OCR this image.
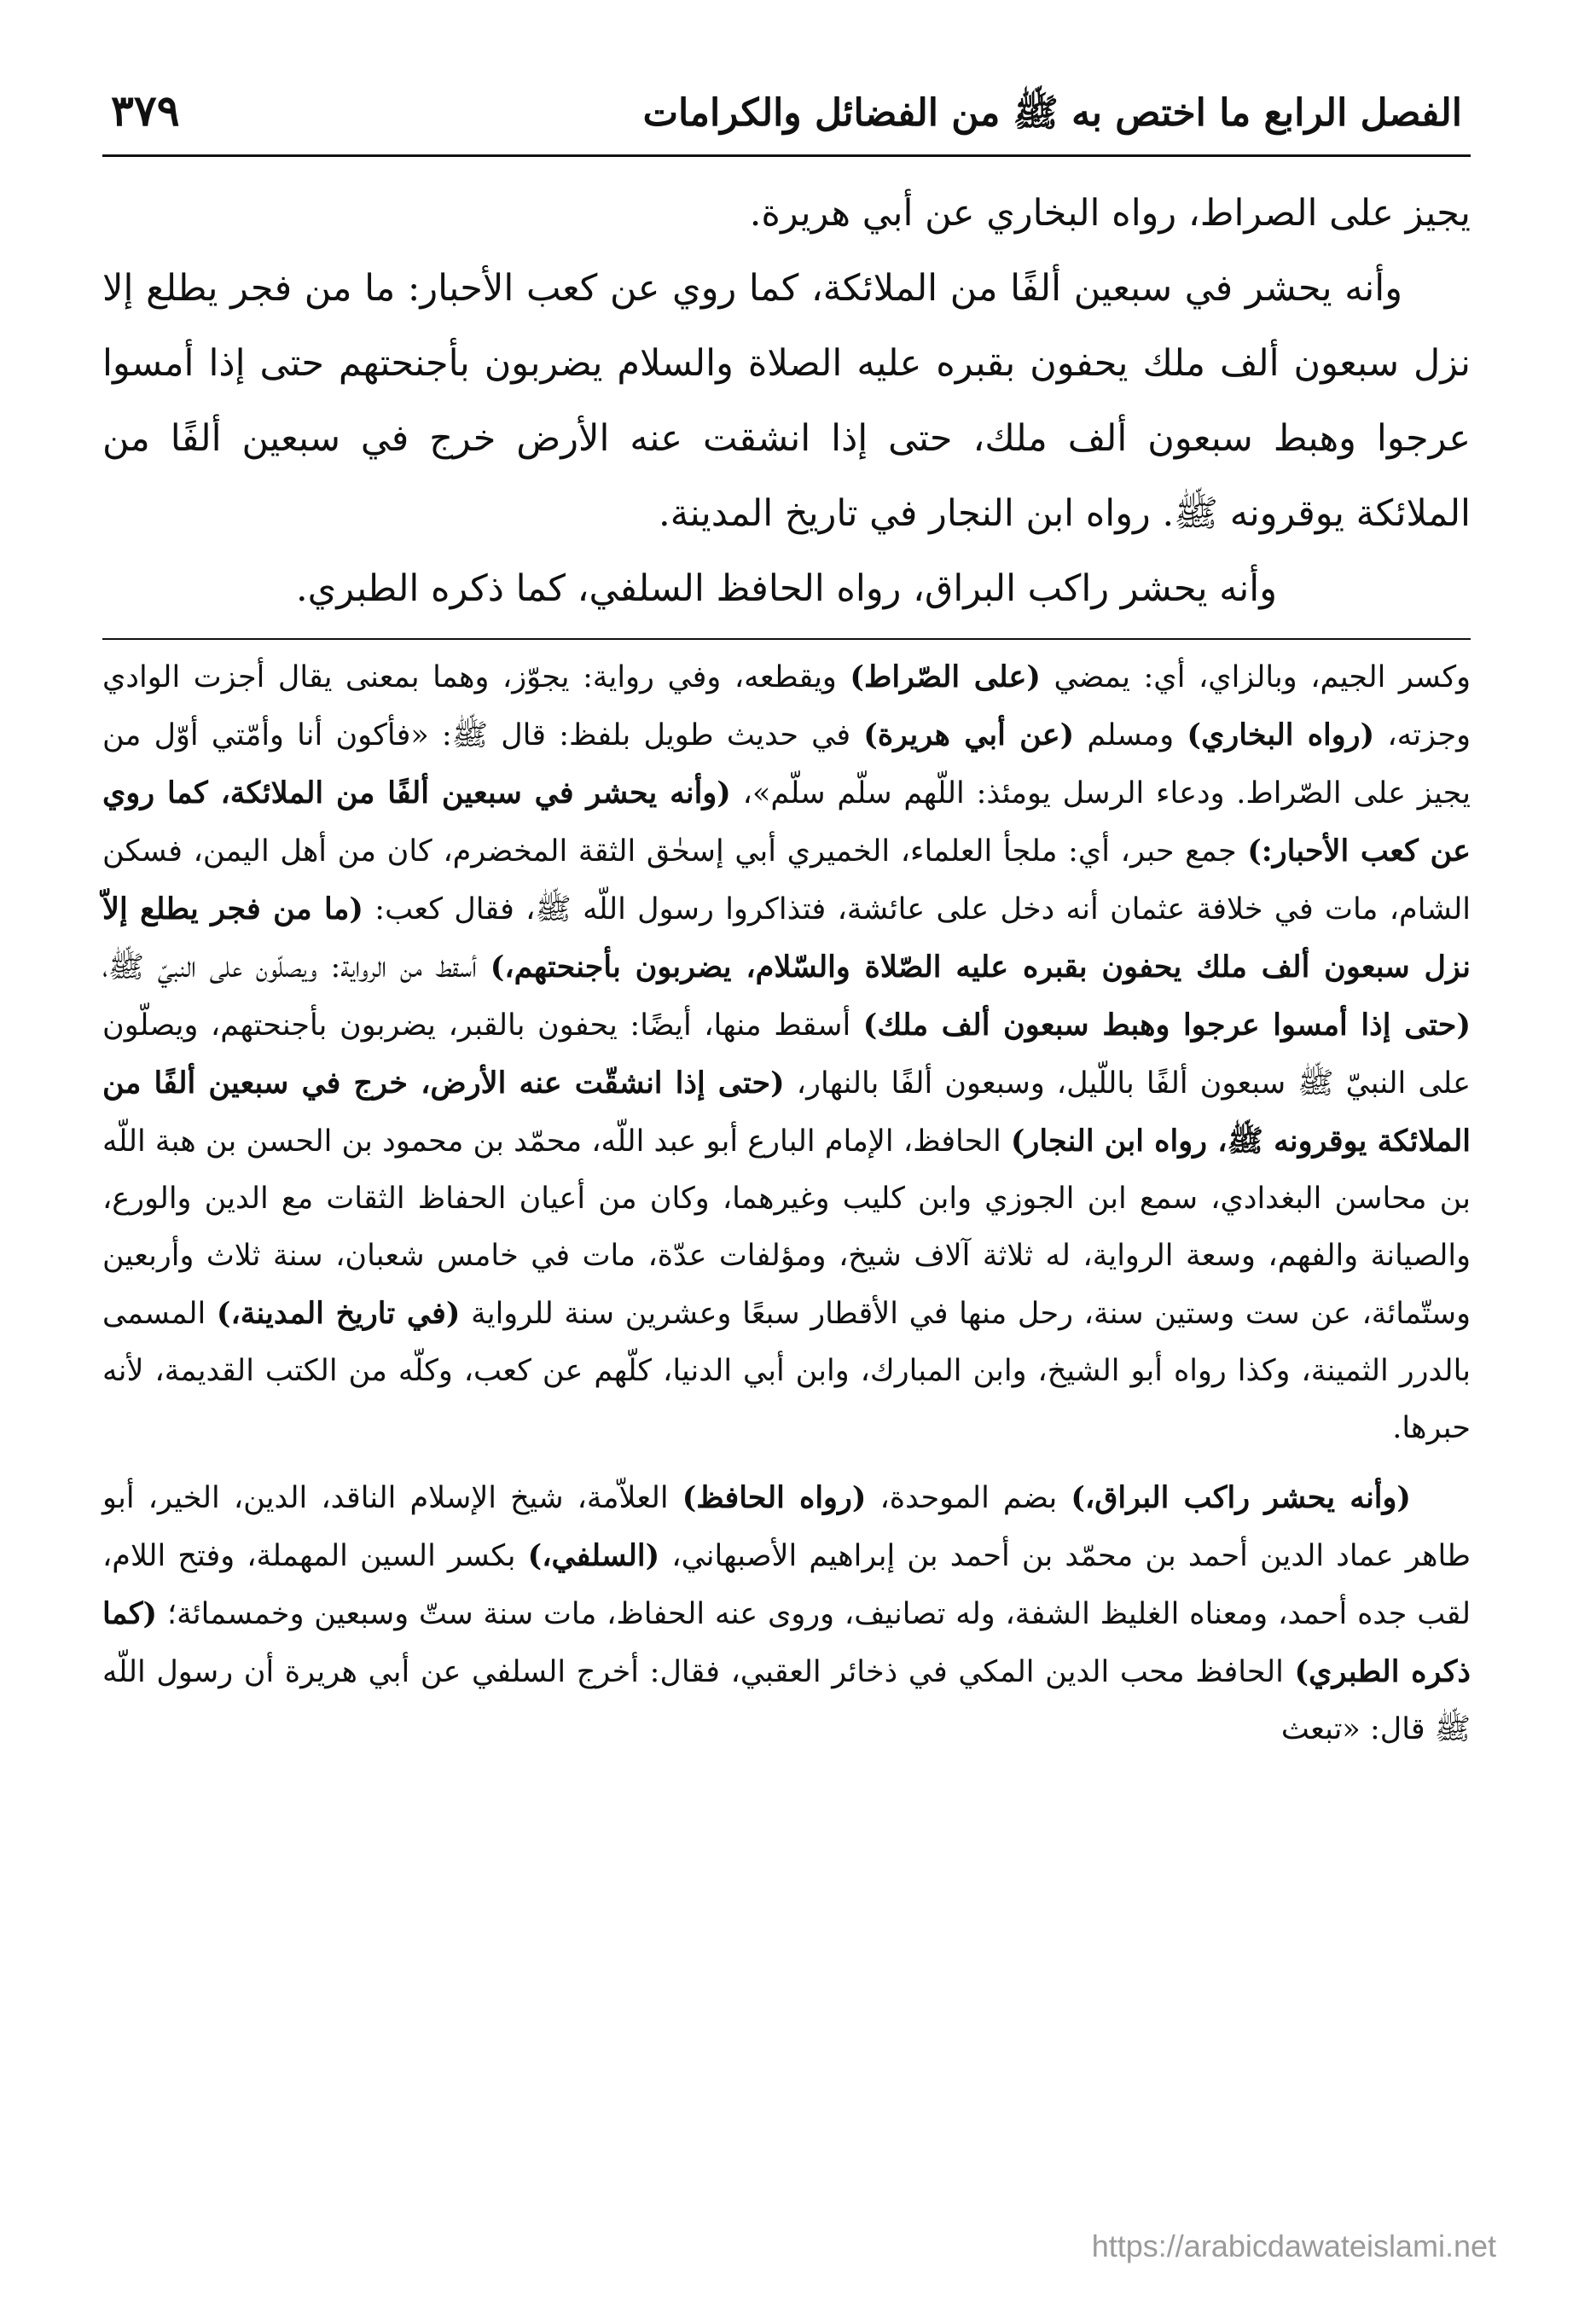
الفصل الرابع ما اختص به ﷺ من الفضائل والكرامات
٣٧٩

يجيز على الصراط، رواه البخاري عن أبي هريرة.

وأنه يحشر في سبعين ألفًا من الملائكة، كما روي عن كعب الأحبار: ما من فجر يطلع إلا نزل سبعون ألف ملك يحفون بقبره عليه الصلاة والسلام يضربون بأجنحتهم حتى إذا أمسوا عرجوا وهبط سبعون ألف ملك، حتى إذا انشقت عنه الأرض خرج في سبعين ألفًا من الملائكة يوقرونه ﷺ. رواه ابن النجار في تاريخ المدينة.

وأنه يحشر راكب البراق، رواه الحافظ السلفي، كما ذكره الطبري.

وكسر الجيم، وبالزاي، أي: يمضي (على الصّراط) ويقطعه، وفي رواية: يجوّز، وهما بمعنى يقال أجزت الوادي وجزته، (رواه البخاري) ومسلم (عن أبي هريرة) في حديث طويل بلفظ: قال ﷺ: «فأكون أنا وأمّتي أوّل من يجيز على الصّراط. ودعاء الرسل يومئذ: اللّهم سلّم سلّم»، (وأنه يحشر في سبعين ألفًا من الملائكة، كما روي عن كعب الأحبار:) جمع حبر، أي: ملجأ العلماء، الخميري أبي إسحٰق الثقة المخضرم، كان من أهل اليمن، فسكن الشام، مات في خلافة عثمان أنه دخل على عائشة، فتذاكروا رسول اللّه ﷺ، فقال كعب: (ما من فجر يطلع إلاّ نزل سبعون ألف ملك يحفون بقبره عليه الصّلاة والسّلام، يضربون بأجنحتهم،) أسقط من الرواية: ويصلّون على النبيّ ﷺ، (حتى إذا أمسوا عرجوا وهبط سبعون ألف ملك) أسقط منها، أيضًا: يحفون بالقبر، يضربون بأجنحتهم، ويصلّون على النبيّ ﷺ سبعون ألفًا باللّيل، وسبعون ألفًا بالنهار، (حتى إذا انشقّت عنه الأرض، خرج في سبعين ألفًا من الملائكة يوقرونه ﷺ، رواه ابن النجار) الحافظ، الإمام البارع أبو عبد اللّه، محمّد بن محمود بن الحسن بن هبة اللّه بن محاسن البغدادي، سمع ابن الجوزي وابن كليب وغيرهما، وكان من أعيان الحفاظ الثقات مع الدين والورع، والصيانة والفهم، وسعة الرواية، له ثلاثة آلاف شيخ، ومؤلفات عدّة، مات في خامس شعبان، سنة ثلاث وأربعين وستّمائة، عن ست وستين سنة، رحل منها في الأقطار سبعًا وعشرين سنة للرواية (في تاريخ المدينة،) المسمى بالدرر الثمينة، وكذا رواه أبو الشيخ، وابن المبارك، وابن أبي الدنيا، كلّهم عن كعب، وكلّه من الكتب القديمة، لأنه حبرها.

(وأنه يحشر راكب البراق،) بضم الموحدة، (رواه الحافظ) العلاّمة، شيخ الإسلام الناقد، الدين، الخير، أبو طاهر عماد الدين أحمد بن محمّد بن أحمد بن إبراهيم الأصبهاني، (السلفي،) بكسر السين المهملة، وفتح اللام، لقب جده أحمد، ومعناه الغليظ الشفة، وله تصانيف، وروى عنه الحفاظ، مات سنة ستّ وسبعين وخمسمائة؛ (كما ذكره الطبري) الحافظ محب الدين المكي في ذخائر العقبي، فقال: أخرج السلفي عن أبي هريرة أن رسول اللّه ﷺ قال: «تبعث

https://arabicdawateislami.net
